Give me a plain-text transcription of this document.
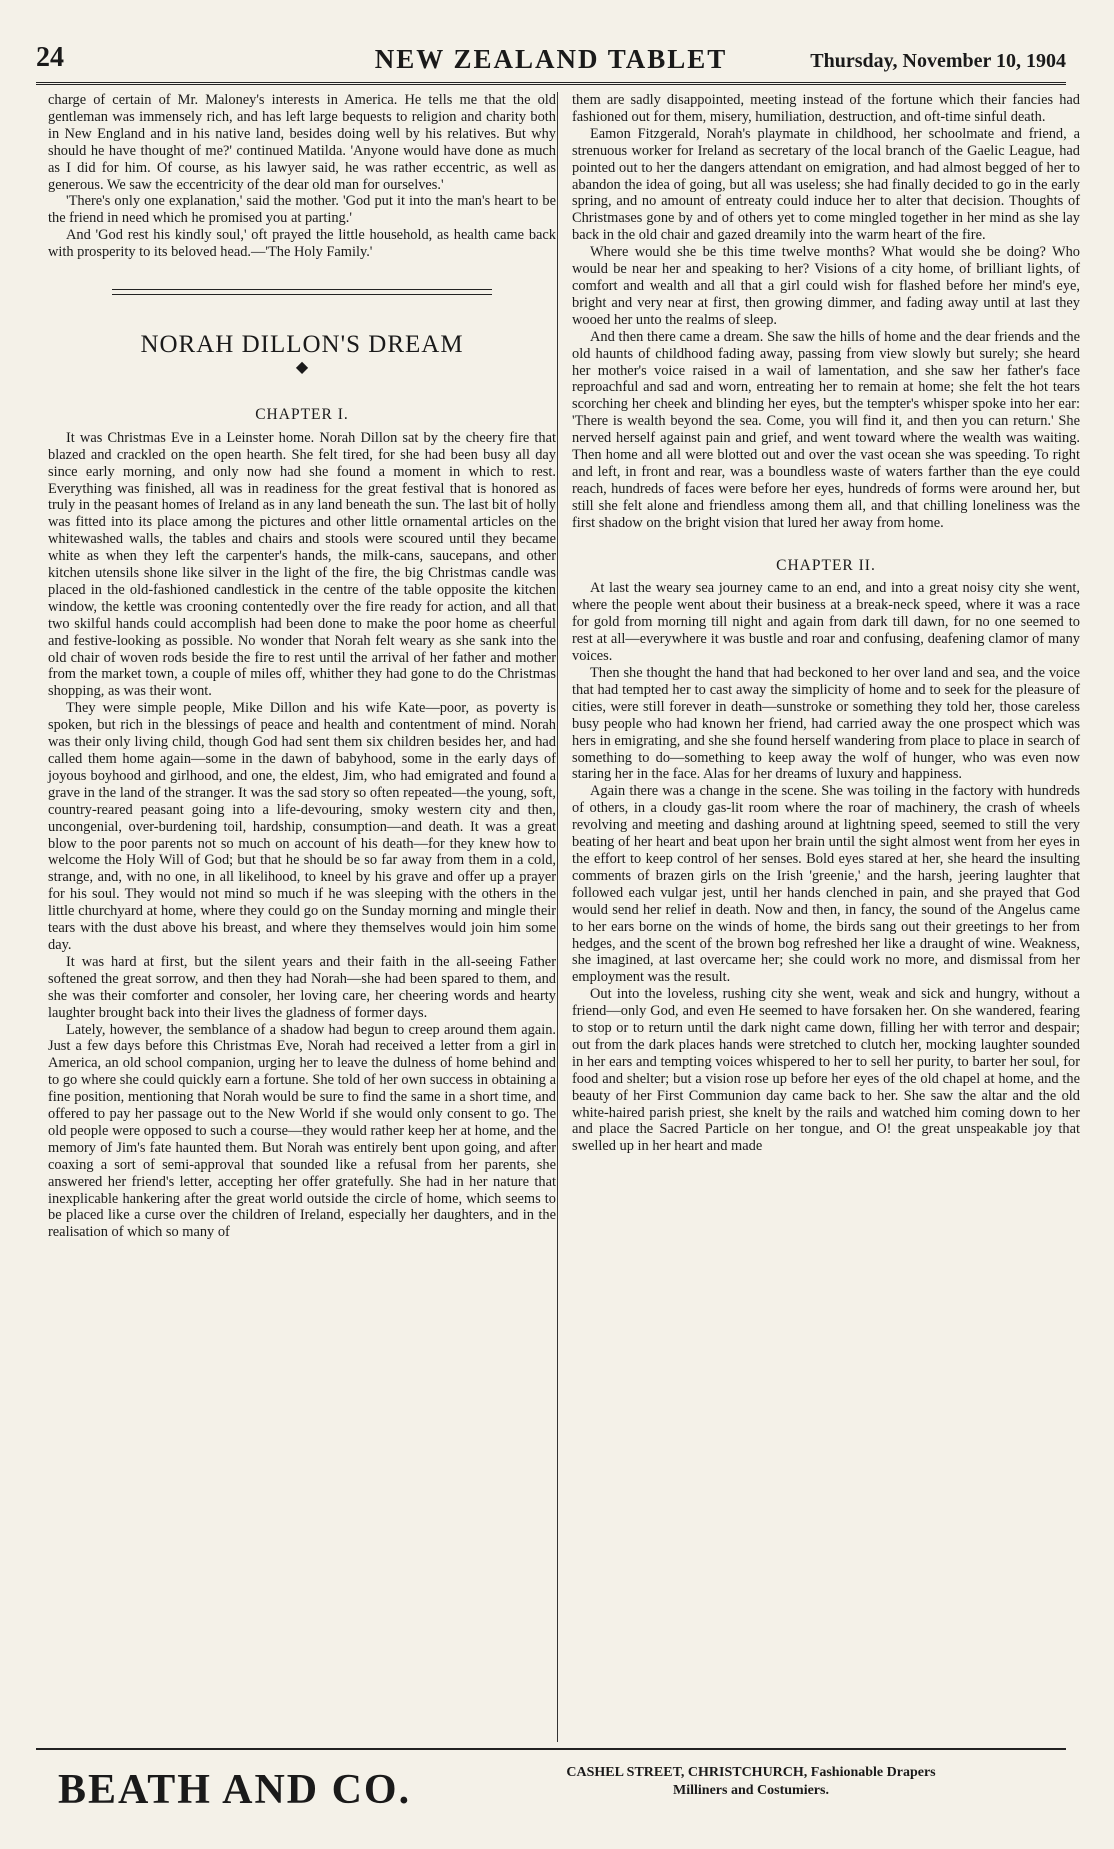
24	NEW ZEALAND TABLET	Thursday, November 10, 1904

charge of certain of Mr. Maloney's interests in America. He tells me that the old gentleman was immensely rich, and has left large bequests to religion and charity both in New England and in his native land, besides doing well by his relatives. But why should he have thought of me?' continued Matilda. 'Anyone would have done as much as I did for him. Of course, as his lawyer said, he was rather eccentric, as well as generous. We saw the eccentricity of the dear old man for ourselves.'

'There's only one explanation,' said the mother. 'God put it into the man's heart to be the friend in need which he promised you at parting.'

And 'God rest his kindly soul,' oft prayed the little household, as health came back with prosperity to its beloved head.—'The Holy Family.'

NORAH DILLON'S DREAM
◆
CHAPTER I.

It was Christmas Eve in a Leinster home. Norah Dillon sat by the cheery fire that blazed and crackled on the open hearth. She felt tired, for she had been busy all day since early morning, and only now had she found a moment in which to rest. Everything was finished, all was in readiness for the great festival that is honored as truly in the peasant homes of Ireland as in any land beneath the sun. The last bit of holly was fitted into its place among the pictures and other little ornamental articles on the whitewashed walls, the tables and chairs and stools were scoured until they became white as when they left the carpenter's hands, the milk-cans, saucepans, and other kitchen utensils shone like silver in the light of the fire, the big Christmas candle was placed in the old-fashioned candlestick in the centre of the table opposite the kitchen window, the kettle was crooning contentedly over the fire ready for action, and all that two skilful hands could accomplish had been done to make the poor home as cheerful and festive-looking as possible. No wonder that Norah felt weary as she sank into the old chair of woven rods beside the fire to rest until the arrival of her father and mother from the market town, a couple of miles off, whither they had gone to do the Christmas shopping, as was their wont.

They were simple people, Mike Dillon and his wife Kate—poor, as poverty is spoken, but rich in the blessings of peace and health and contentment of mind. Norah was their only living child, though God had sent them six children besides her, and had called them home again—some in the dawn of babyhood, some in the early days of joyous boyhood and girlhood, and one, the eldest, Jim, who had emigrated and found a grave in the land of the stranger. It was the sad story so often repeated—the young, soft, country-reared peasant going into a life-devouring, smoky western city and then, uncongenial, over-burdening toil, hardship, consumption—and death. It was a great blow to the poor parents not so much on account of his death—for they knew how to welcome the Holy Will of God; but that he should be so far away from them in a cold, strange, and, with no one, in all likelihood, to kneel by his grave and offer up a prayer for his soul. They would not mind so much if he was sleeping with the others in the little churchyard at home, where they could go on the Sunday morning and mingle their tears with the dust above his breast, and where they themselves would join him some day.

It was hard at first, but the silent years and their faith in the all-seeing Father softened the great sorrow, and then they had Norah—she had been spared to them, and she was their comforter and consoler, her loving care, her cheering words and hearty laughter brought back into their lives the gladness of former days.

Lately, however, the semblance of a shadow had begun to creep around them again. Just a few days before this Christmas Eve, Norah had received a letter from a girl in America, an old school companion, urging her to leave the dulness of home behind and to go where she could quickly earn a fortune. She told of her own success in obtaining a fine position, mentioning that Norah would be sure to find the same in a short time, and offered to pay her passage out to the New World if she would only consent to go. The old people were opposed to such a course—they would rather keep her at home, and the memory of Jim's fate haunted them. But Norah was entirely bent upon going, and after coaxing a sort of semi-approval that sounded like a refusal from her parents, she answered her friend's letter, accepting her offer gratefully. She had in her nature that inexplicable hankering after the great world outside the circle of home, which seems to be placed like a curse over the children of Ireland, especially her daughters, and in the realisation of which so many of

them are sadly disappointed, meeting instead of the fortune which their fancies had fashioned out for them, misery, humiliation, destruction, and oft-time sinful death.

Eamon Fitzgerald, Norah's playmate in childhood, her schoolmate and friend, a strenuous worker for Ireland as secretary of the local branch of the Gaelic League, had pointed out to her the dangers attendant on emigration, and had almost begged of her to abandon the idea of going, but all was useless; she had finally decided to go in the early spring, and no amount of entreaty could induce her to alter that decision. Thoughts of Christmases gone by and of others yet to come mingled together in her mind as she lay back in the old chair and gazed dreamily into the warm heart of the fire.

Where would she be this time twelve months? What would she be doing? Who would be near her and speaking to her? Visions of a city home, of brilliant lights, of comfort and wealth and all that a girl could wish for flashed before her mind's eye, bright and very near at first, then growing dimmer, and fading away until at last they wooed her unto the realms of sleep.

And then there came a dream. She saw the hills of home and the dear friends and the old haunts of childhood fading away, passing from view slowly but surely; she heard her mother's voice raised in a wail of lamentation, and she saw her father's face reproachful and sad and worn, entreating her to remain at home; she felt the hot tears scorching her cheek and blinding her eyes, but the tempter's whisper spoke into her ear: 'There is wealth beyond the sea. Come, you will find it, and then you can return.' She nerved herself against pain and grief, and went toward where the wealth was waiting. Then home and all were blotted out and over the vast ocean she was speeding. To right and left, in front and rear, was a boundless waste of waters farther than the eye could reach, hundreds of faces were before her eyes, hundreds of forms were around her, but still she felt alone and friendless among them all, and that chilling loneliness was the first shadow on the bright vision that lured her away from home.

CHAPTER II.

At last the weary sea journey came to an end, and into a great noisy city she went, where the people went about their business at a break-neck speed, where it was a race for gold from morning till night and again from dark till dawn, for no one seemed to rest at all—everywhere it was bustle and roar and confusing, deafening clamor of many voices.

Then she thought the hand that had beckoned to her over land and sea, and the voice that had tempted her to cast away the simplicity of home and to seek for the pleasure of cities, were still forever in death—sunstroke or something they told her, those careless busy people who had known her friend, had carried away the one prospect which was hers in emigrating, and she she found herself wandering from place to place in search of something to do—something to keep away the wolf of hunger, who was even now staring her in the face. Alas for her dreams of luxury and happiness.

Again there was a change in the scene. She was toiling in the factory with hundreds of others, in a cloudy gas-lit room where the roar of machinery, the crash of wheels revolving and meeting and dashing around at lightning speed, seemed to still the very beating of her heart and beat upon her brain until the sight almost went from her eyes in the effort to keep control of her senses. Bold eyes stared at her, she heard the insulting comments of brazen girls on the Irish 'greenie,' and the harsh, jeering laughter that followed each vulgar jest, until her hands clenched in pain, and she prayed that God would send her relief in death. Now and then, in fancy, the sound of the Angelus came to her ears borne on the winds of home, the birds sang out their greetings to her from hedges, and the scent of the brown bog refreshed her like a draught of wine. Weakness, she imagined, at last overcame her; she could work no more, and dismissal from her employment was the result.

Out into the loveless, rushing city she went, weak and sick and hungry, without a friend—only God, and even He seemed to have forsaken her. On she wandered, fearing to stop or to return until the dark night came down, filling her with terror and despair; out from the dark places hands were stretched to clutch her, mocking laughter sounded in her ears and tempting voices whispered to her to sell her purity, to barter her soul, for food and shelter; but a vision rose up before her eyes of the old chapel at home, and the beauty of her First Communion day came back to her. She saw the altar and the old white-haired parish priest, she knelt by the rails and watched him coming down to her and place the Sacred Particle on her tongue, and O! the great unspeakable joy that swelled up in her heart and made

BEATH AND CO.	CASHEL STREET, CHRISTCHURCH, Fashionable Drapers
Milliners and Costumiers.
